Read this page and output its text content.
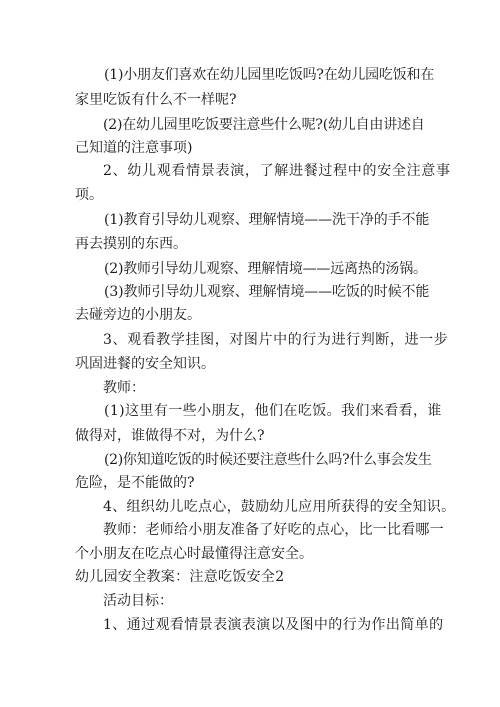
(1)小朋友们喜欢在幼儿园里吃饭吗?在幼儿园吃饭和在
家里吃饭有什么不一样呢?
(2)在幼儿园里吃饭要注意些什么呢?(幼儿自由讲述自
己知道的注意事项)
2、幼儿观看情景表演，了解进餐过程中的安全注意事
项。
(1)教育引导幼儿观察、理解情境——洗干净的手不能
再去摸别的东西。
(2)教师引导幼儿观察、理解情境——远离热的汤锅。
(3)教师引导幼儿观察、理解情境——吃饭的时候不能
去碰旁边的小朋友。
3、观看教学挂图，对图片中的行为进行判断，进一步
巩固进餐的安全知识。
教师：
(1)这里有一些小朋友，他们在吃饭。我们来看看，谁
做得对，谁做得不对，为什么?
(2)你知道吃饭的时候还要注意些什么吗?什么事会发生
危险，是不能做的?
4、组织幼儿吃点心，鼓励幼儿应用所获得的安全知识。
教师：老师给小朋友准备了好吃的点心，比一比看哪一
个小朋友在吃点心时最懂得注意安全。
幼儿园安全教案：注意吃饭安全2
活动目标：
1、通过观看情景表演表演以及图中的行为作出简单的
